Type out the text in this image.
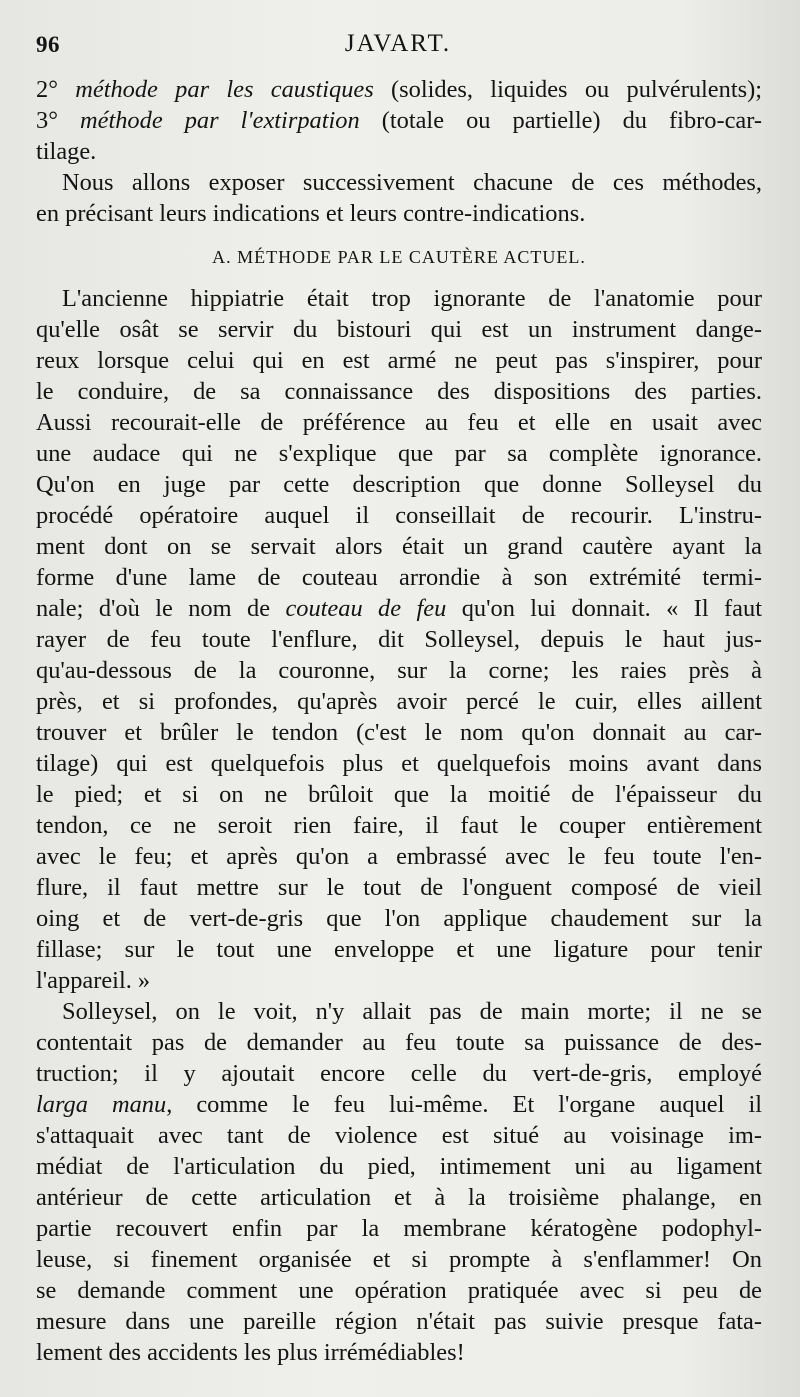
96	JAVART.
2° méthode par les caustiques (solides, liquides ou pulvérulents);
3° méthode par l'extirpation (totale ou partielle) du fibro-car-
tilage.
Nous allons exposer successivement chacune de ces méthodes,
en précisant leurs indications et leurs contre-indications.
A. MÉTHODE PAR LE CAUTÈRE ACTUEL.
L'ancienne hippiatrie était trop ignorante de l'anatomie pour
qu'elle osât se servir du bistouri qui est un instrument dange-
reux lorsque celui qui en est armé ne peut pas s'inspirer, pour
le conduire, de sa connaissance des dispositions des parties.
Aussi recourait-elle de préférence au feu et elle en usait avec
une audace qui ne s'explique que par sa complète ignorance.
Qu'on en juge par cette description que donne Solleysel du
procédé opératoire auquel il conseillait de recourir. L'instru-
ment dont on se servait alors était un grand cautère ayant la
forme d'une lame de couteau arrondie à son extrémité termi-
nale; d'où le nom de couteau de feu qu'on lui donnait. « Il faut
rayer de feu toute l'enflure, dit Solleysel, depuis le haut jus-
qu'au-dessous de la couronne, sur la corne; les raies près à
près, et si profondes, qu'après avoir percé le cuir, elles aillent
trouver et brûler le tendon (c'est le nom qu'on donnait au car-
tilage) qui est quelquefois plus et quelquefois moins avant dans
le pied; et si on ne brûloit que la moitié de l'épaisseur du
tendon, ce ne seroit rien faire, il faut le couper entièrement
avec le feu; et après qu'on a embrassé avec le feu toute l'en-
flure, il faut mettre sur le tout de l'onguent composé de vieil
oing et de vert-de-gris que l'on applique chaudement sur la
fillase; sur le tout une enveloppe et une ligature pour tenir
l'appareil. »
Solleysel, on le voit, n'y allait pas de main morte; il ne se
contentait pas de demander au feu toute sa puissance de des-
truction; il y ajoutait encore celle du vert-de-gris, employé
larga manu, comme le feu lui-même. Et l'organe auquel il
s'attaquait avec tant de violence est situé au voisinage im-
médiat de l'articulation du pied, intimement uni au ligament
antérieur de cette articulation et à la troisième phalange, en
partie recouvert enfin par la membrane kératogène podophyl-
leuse, si finement organisée et si prompte à s'enflammer! On
se demande comment une opération pratiquée avec si peu de
mesure dans une pareille région n'était pas suivie presque fata-
lement des accidents les plus irrémédiables!
